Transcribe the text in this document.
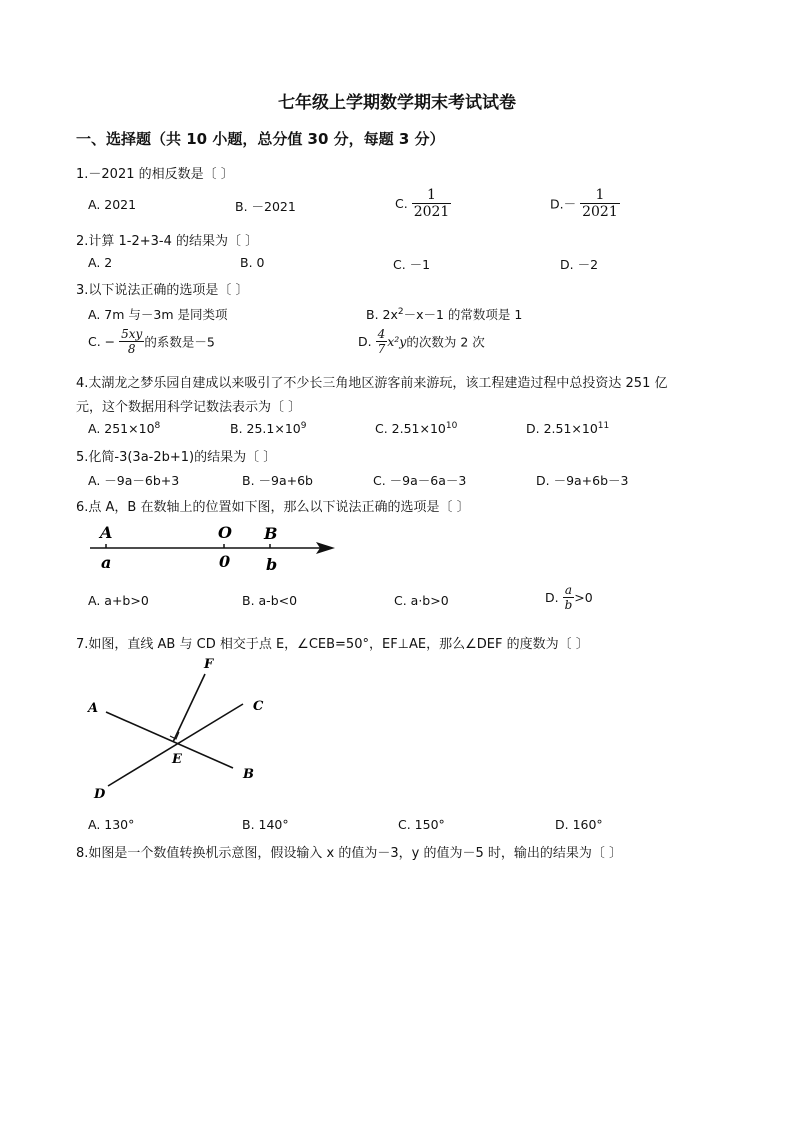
七年级上学期数学期末考试试卷
一、选择题（共 10 小题，总分值 30 分，每题 3 分）
1.－2021 的相反数是〔 〕
A. 2021	B. －2021	C. $\frac{1}{2021}$	$D.- \frac{1}{2021}$
2.计算 1-2+3-4 的结果为〔 〕
A. 2	B. 0	C. －1	D. －2
3.以下说法正确的选项是〔 〕
A. 7m 与－3m 是同类项	B. $2x^2-x-1$ 的常数项是 1
C. − $\frac{5xy}{8}$ 的系数是－5	D. $\frac{4}{7} x^2y$的次数为 2 次
4.太湖龙之梦乐园自建成以来吸引了不少长三角地区游客前来游玩，该工程建造过程中总投资达 251 亿
元，这个数据用科学记数法表示为〔 〕
A. $251\times 10^8$	B. $25.1\times 10^9$	C. $2.51\times 10^{10}$	D. $2.51\times 10^{11}$
5.化简-3(3a-2b+1)的结果为〔 〕
A. －9a－6b+3	B. －9a+6b	C. －9a－6a－3	D. －9a+6b－3
6.点 A，B 在数轴上的位置如下图，那么以下说法正确的选项是〔 〕
A	O B
a	0 b
A. a+b>0	B. a-b<0	C. a·b>0	D. $\frac{a}{b} >0$
7.如图，直线 AB 与 CD 相交于点 E，∠CEB=50°，EF⊥AE，那么∠DEF 的度数为〔 〕
F
A	C
E
B
D
A. 130°	B. 140°	C. 150°	D. 160°
8.如图是一个数值转换机示意图，假设输入 x 的值为－3，y 的值为－5 时，输出的结果为〔 〕
